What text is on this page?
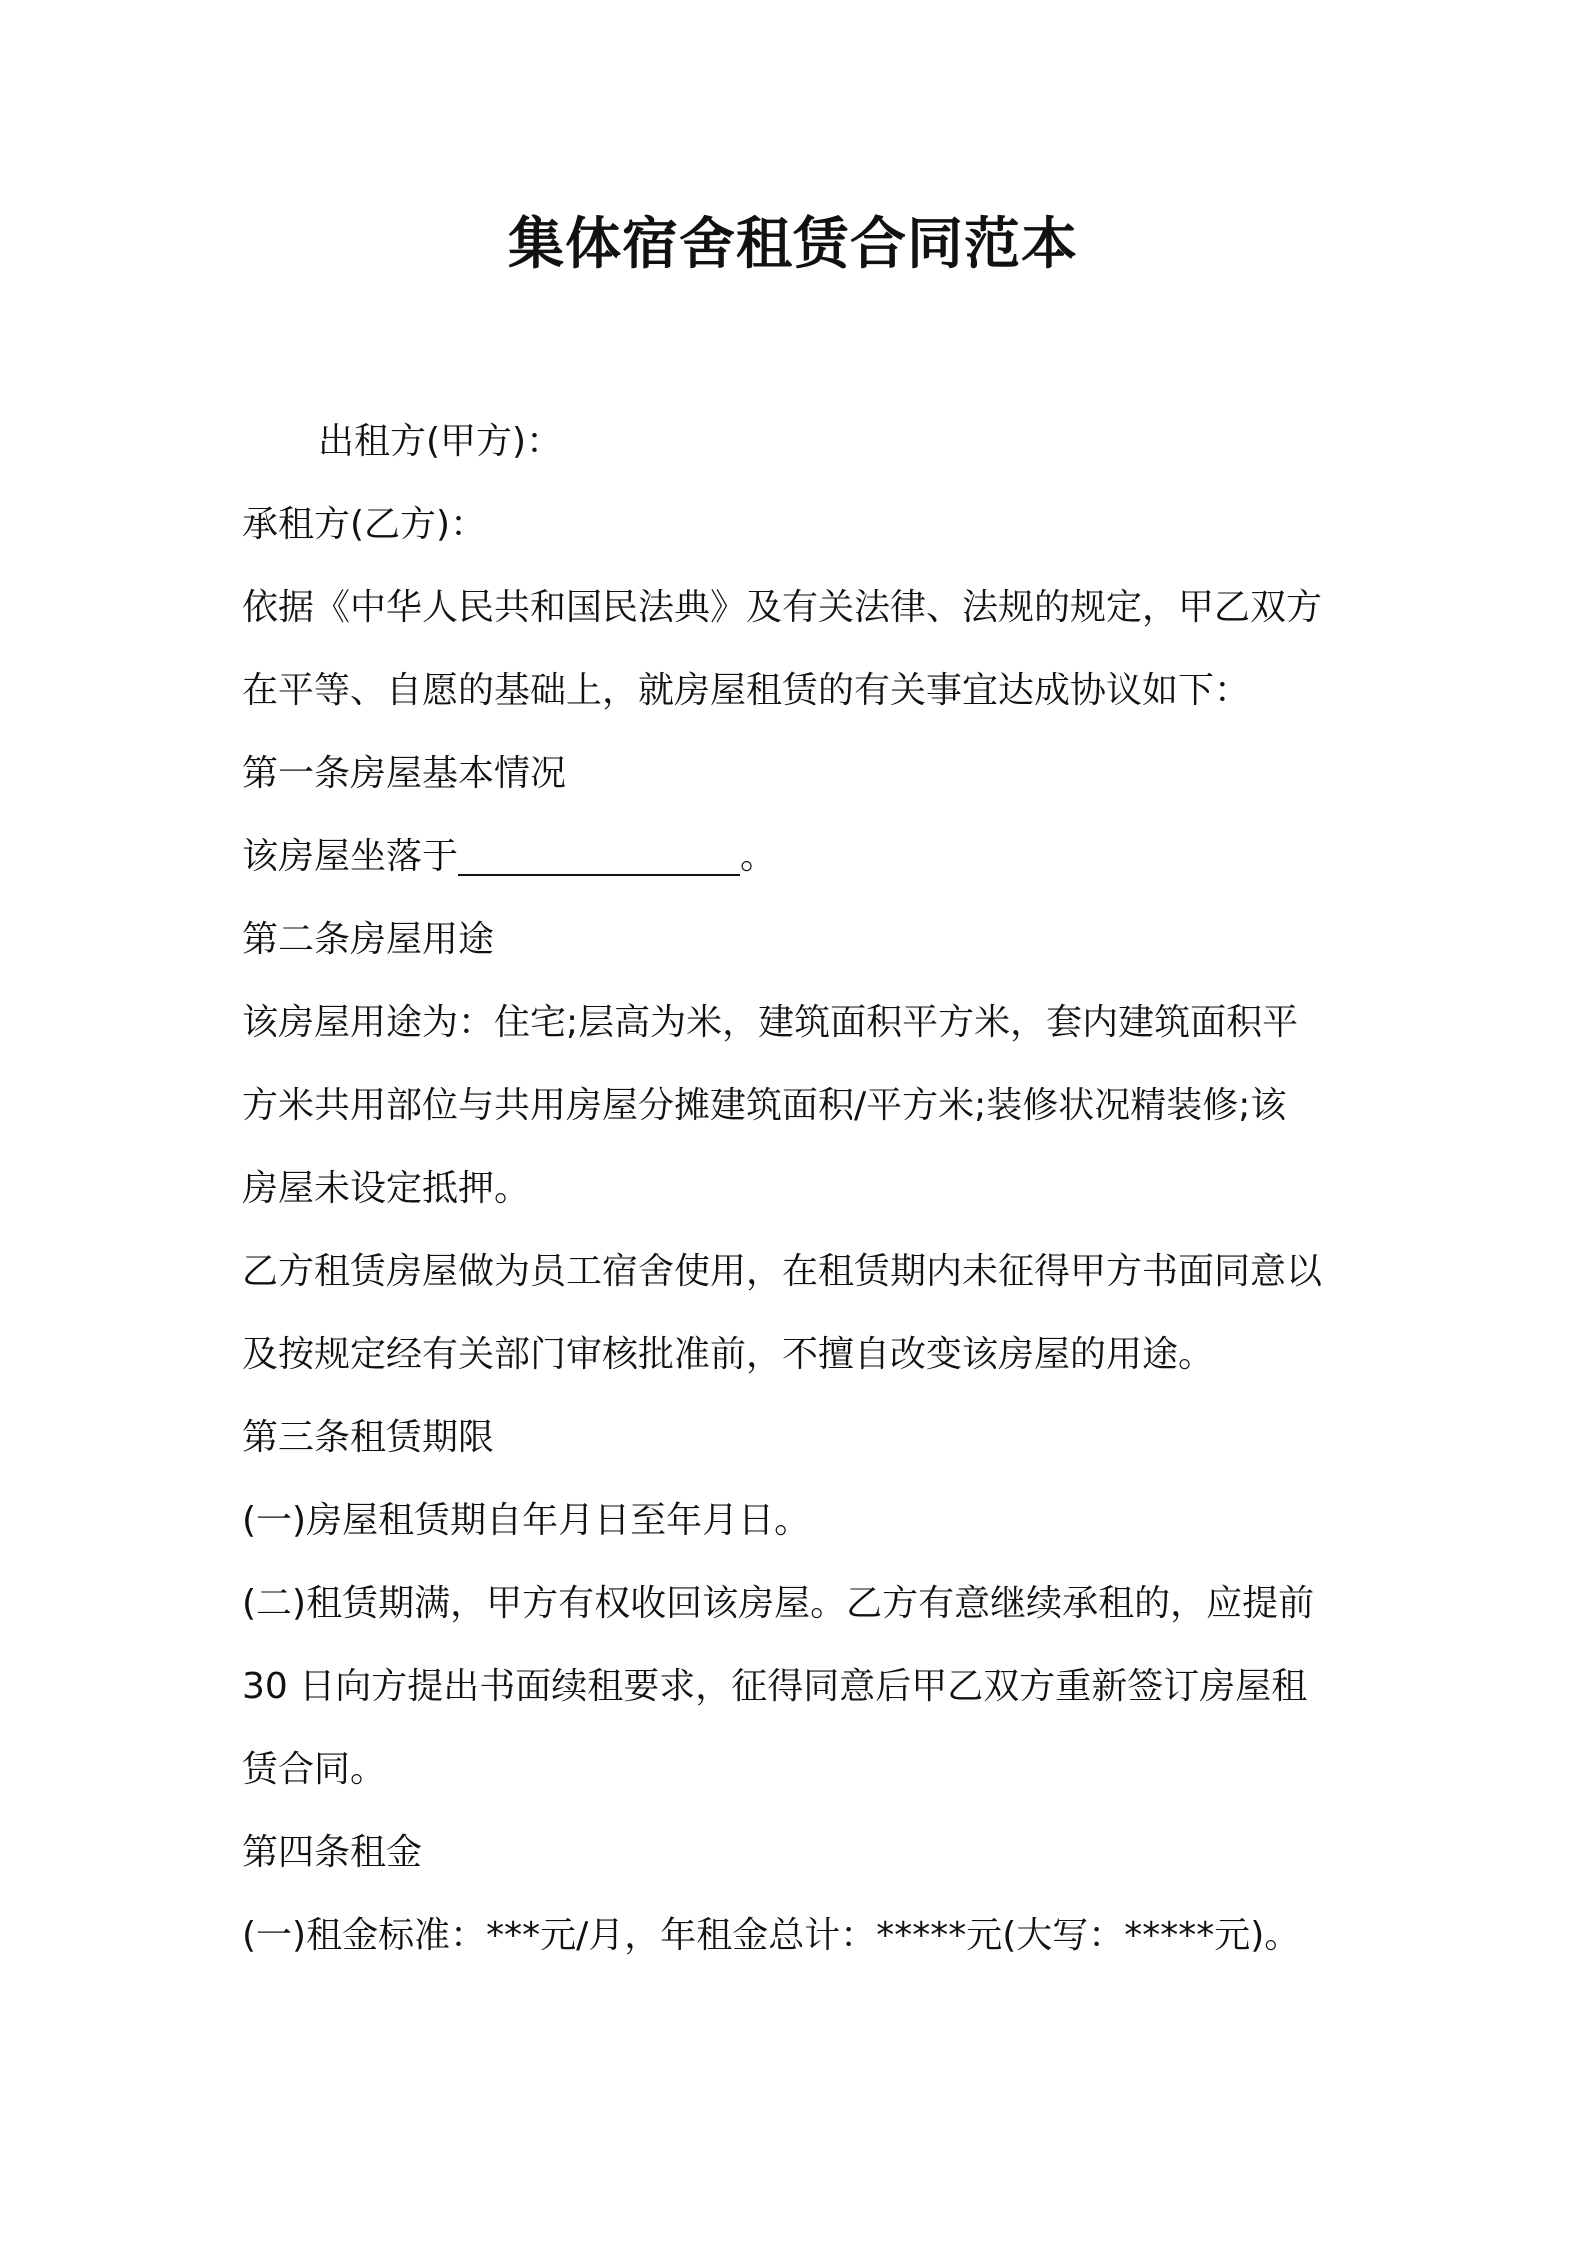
集体宿舍租赁合同范本

出租方(甲方)：

承租方(乙方)：

依据《中华人民共和国民法典》及有关法律、法规的规定，甲乙双方

在平等、自愿的基础上，就房屋租赁的有关事宜达成协议如下：

第一条房屋基本情况

该房屋坐落于	。

第二条房屋用途

该房屋用途为：住宅;层高为米，建筑面积平方米，套内建筑面积平

方米共用部位与共用房屋分摊建筑面积/平方米;装修状况精装修;该

房屋未设定抵押。

乙方租赁房屋做为员工宿舍使用，在租赁期内未征得甲方书面同意以

及按规定经有关部门审核批准前，不擅自改变该房屋的用途。

第三条租赁期限

(一)房屋租赁期自年月日至年月日。

(二)租赁期满，甲方有权收回该房屋。乙方有意继续承租的，应提前

30 日向方提出书面续租要求，征得同意后甲乙双方重新签订房屋租

赁合同。

第四条租金

(一)租金标准：***元/月，年租金总计：*****元(大写：*****元)。
